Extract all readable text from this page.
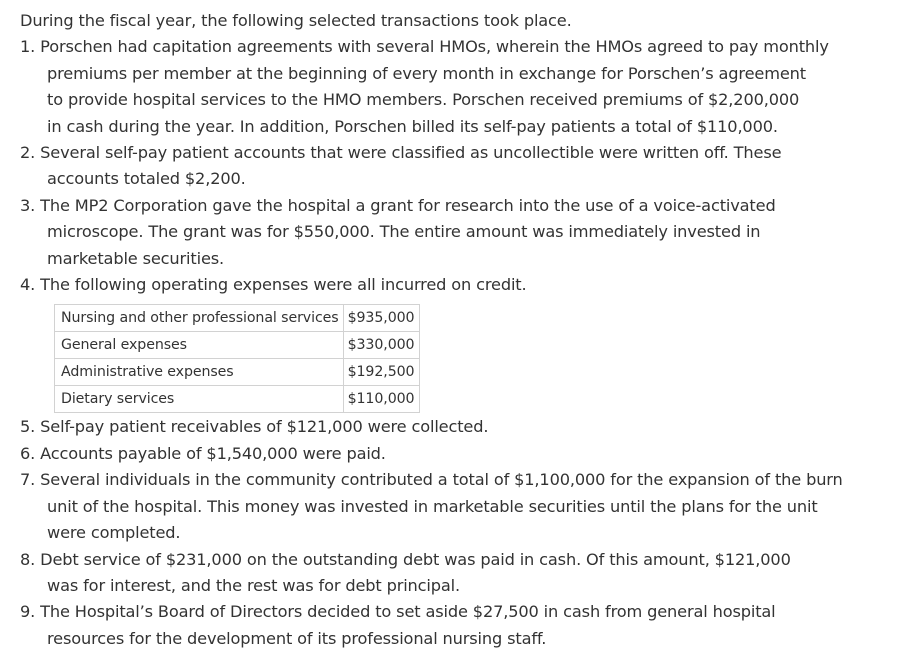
During the fiscal year, the following selected transactions took place.

1. Porschen had capitation agreements with several HMOs, wherein the HMOs agreed to pay monthly
premiums per member at the beginning of every month in exchange for Porschen’s agreement
to provide hospital services to the HMO members. Porschen received premiums of $2,200,000
in cash during the year. In addition, Porschen billed its self-pay patients a total of $110,000.
2. Several self-pay patient accounts that were classified as uncollectible were written off. These
accounts totaled $2,200.
3. The MP2 Corporation gave the hospital a grant for research into the use of a voice-activated
microscope. The grant was for $550,000. The entire amount was immediately invested in
marketable securities.
4. The following operating expenses were all incurred on credit.
Nursing and other professional services	$935,000
General expenses	$330,000
Administrative expenses	$192,500
Dietary services	$110,000
5. Self-pay patient receivables of $121,000 were collected.
6. Accounts payable of $1,540,000 were paid.
7. Several individuals in the community contributed a total of $1,100,000 for the expansion of the burn
unit of the hospital. This money was invested in marketable securities until the plans for the unit
were completed.
8. Debt service of $231,000 on the outstanding debt was paid in cash. Of this amount, $121,000
was for interest, and the rest was for debt principal.
9. The Hospital’s Board of Directors decided to set aside $27,500 in cash from general hospital
resources for the development of its professional nursing staff.
